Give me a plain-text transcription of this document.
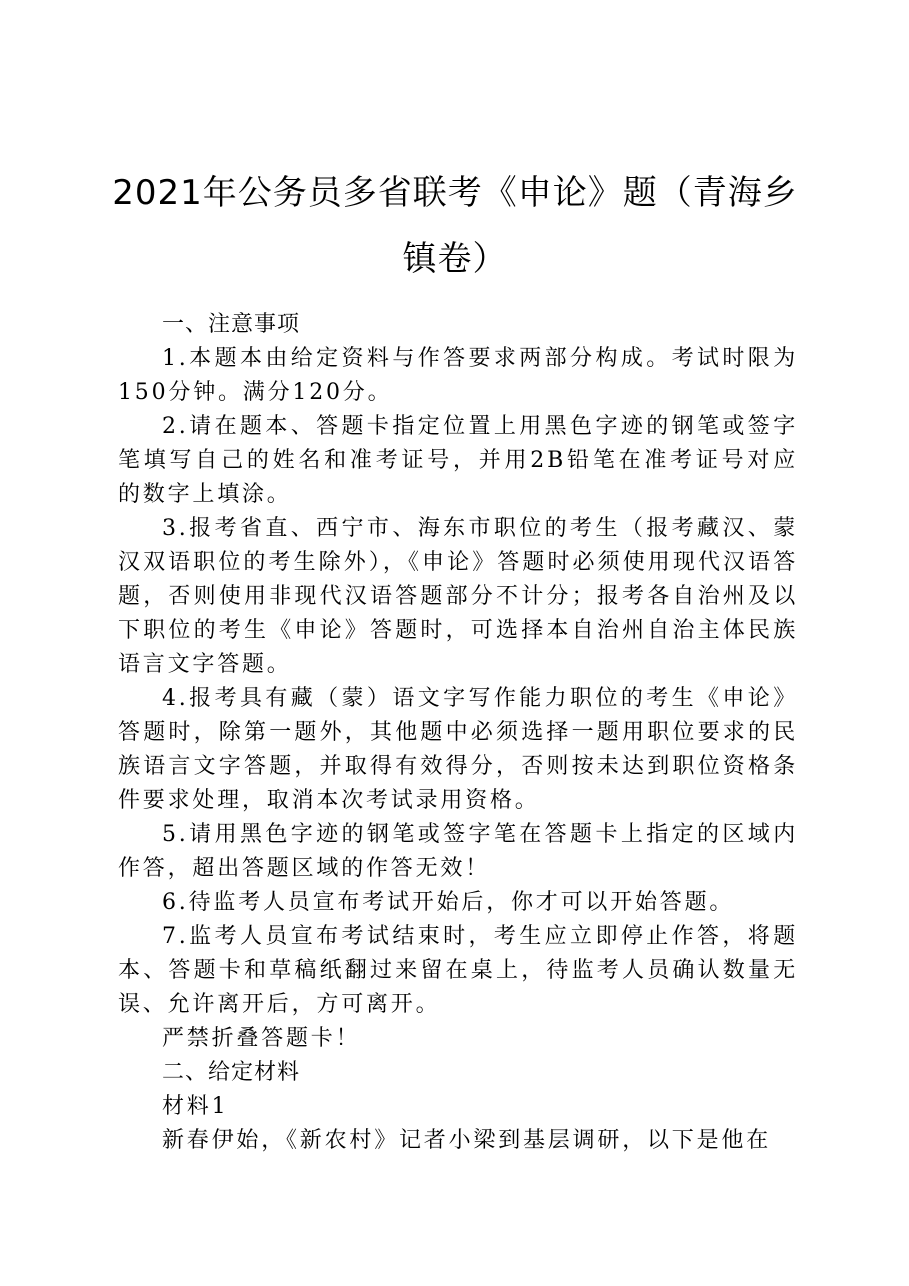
2021年公务员多省联考《申论》题（青海乡镇卷）

一、注意事项

1.本题本由给定资料与作答要求两部分构成。考试时限为150分钟。满分120分。

2.请在题本、答题卡指定位置上用黑色字迹的钢笔或签字笔填写自己的姓名和准考证号，并用2B铅笔在准考证号对应的数字上填涂。

3.报考省直、西宁市、海东市职位的考生（报考藏汉、蒙汉双语职位的考生除外），《申论》答题时必须使用现代汉语答题，否则使用非现代汉语答题部分不计分；报考各自治州及以下职位的考生《申论》答题时，可选择本自治州自治主体民族语言文字答题。

4.报考具有藏（蒙）语文字写作能力职位的考生《申论》答题时，除第一题外，其他题中必须选择一题用职位要求的民族语言文字答题，并取得有效得分，否则按未达到职位资格条件要求处理，取消本次考试录用资格。

5.请用黑色字迹的钢笔或签字笔在答题卡上指定的区域内作答，超出答题区域的作答无效！

6.待监考人员宣布考试开始后，你才可以开始答题。

7.监考人员宣布考试结束时，考生应立即停止作答，将题本、答题卡和草稿纸翻过来留在桌上，待监考人员确认数量无误、允许离开后，方可离开。

严禁折叠答题卡！

二、给定材料

材料1

新春伊始，《新农村》记者小梁到基层调研，以下是他在
